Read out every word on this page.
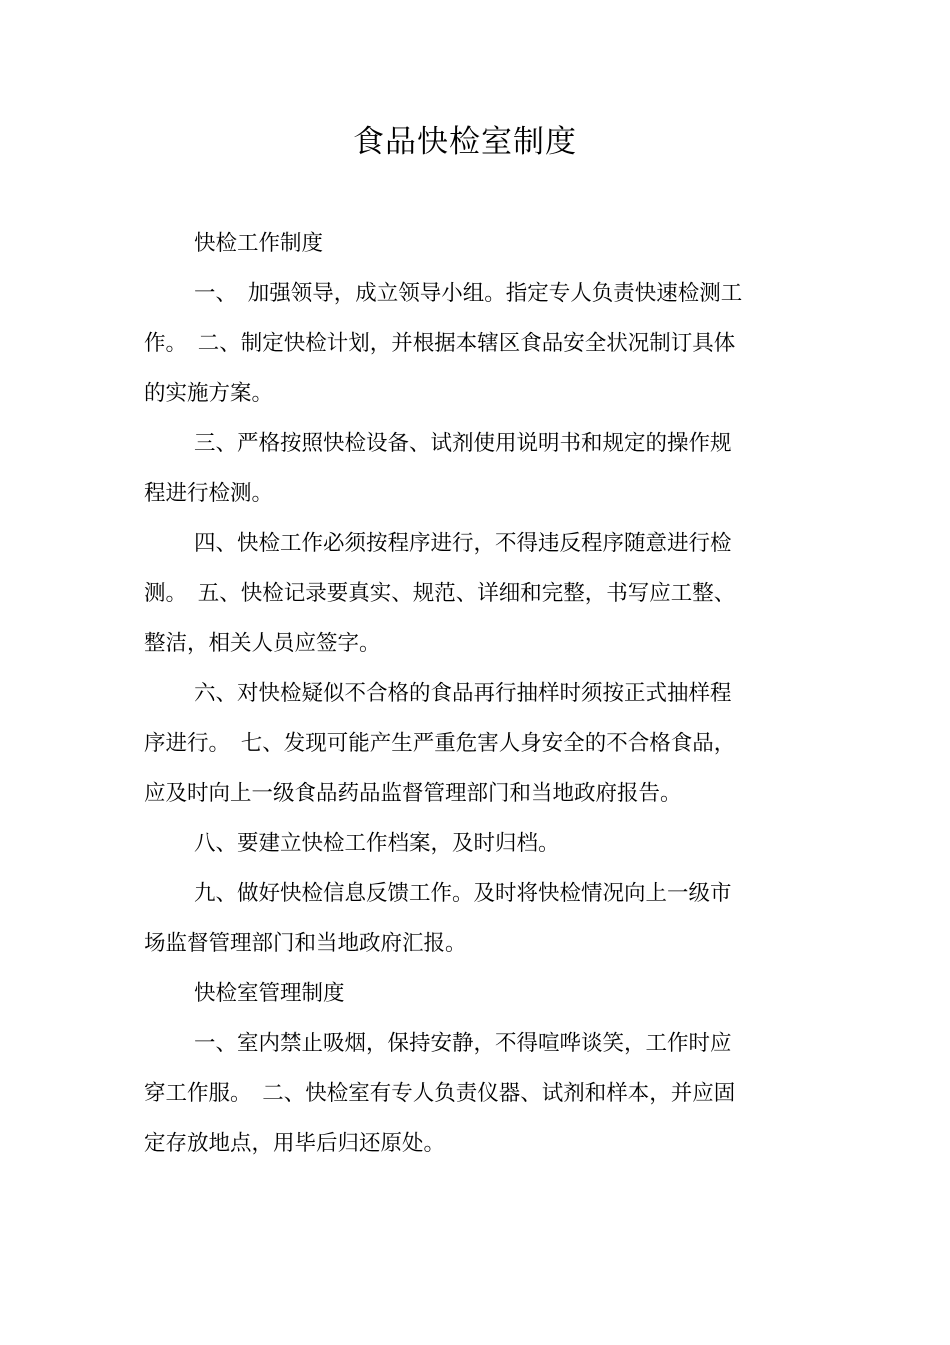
食品快检室制度

快检工作制度

一、　加强领导，成立领导小组。指定专人负责快速检测工作。　二、制定快检计划，并根据本辖区食品安全状况制订具体的实施方案。

三、严格按照快检设备、试剂使用说明书和规定的操作规程进行检测。

四、快检工作必须按程序进行，不得违反程序随意进行检测。　五、快检记录要真实、规范、详细和完整，书写应工整、整洁，相关人员应签字。

六、对快检疑似不合格的食品再行抽样时须按正式抽样程序进行。　七、发现可能产生严重危害人身安全的不合格食品，应及时向上一级食品药品监督管理部门和当地政府报告。

八、要建立快检工作档案，及时归档。

九、做好快检信息反馈工作。及时将快检情况向上一级市场监督管理部门和当地政府汇报。

快检室管理制度

一、室内禁止吸烟，保持安静，不得喧哗谈笑，工作时应穿工作服。　二、快检室有专人负责仪器、试剂和样本，并应固定存放地点，用毕后归还原处。
